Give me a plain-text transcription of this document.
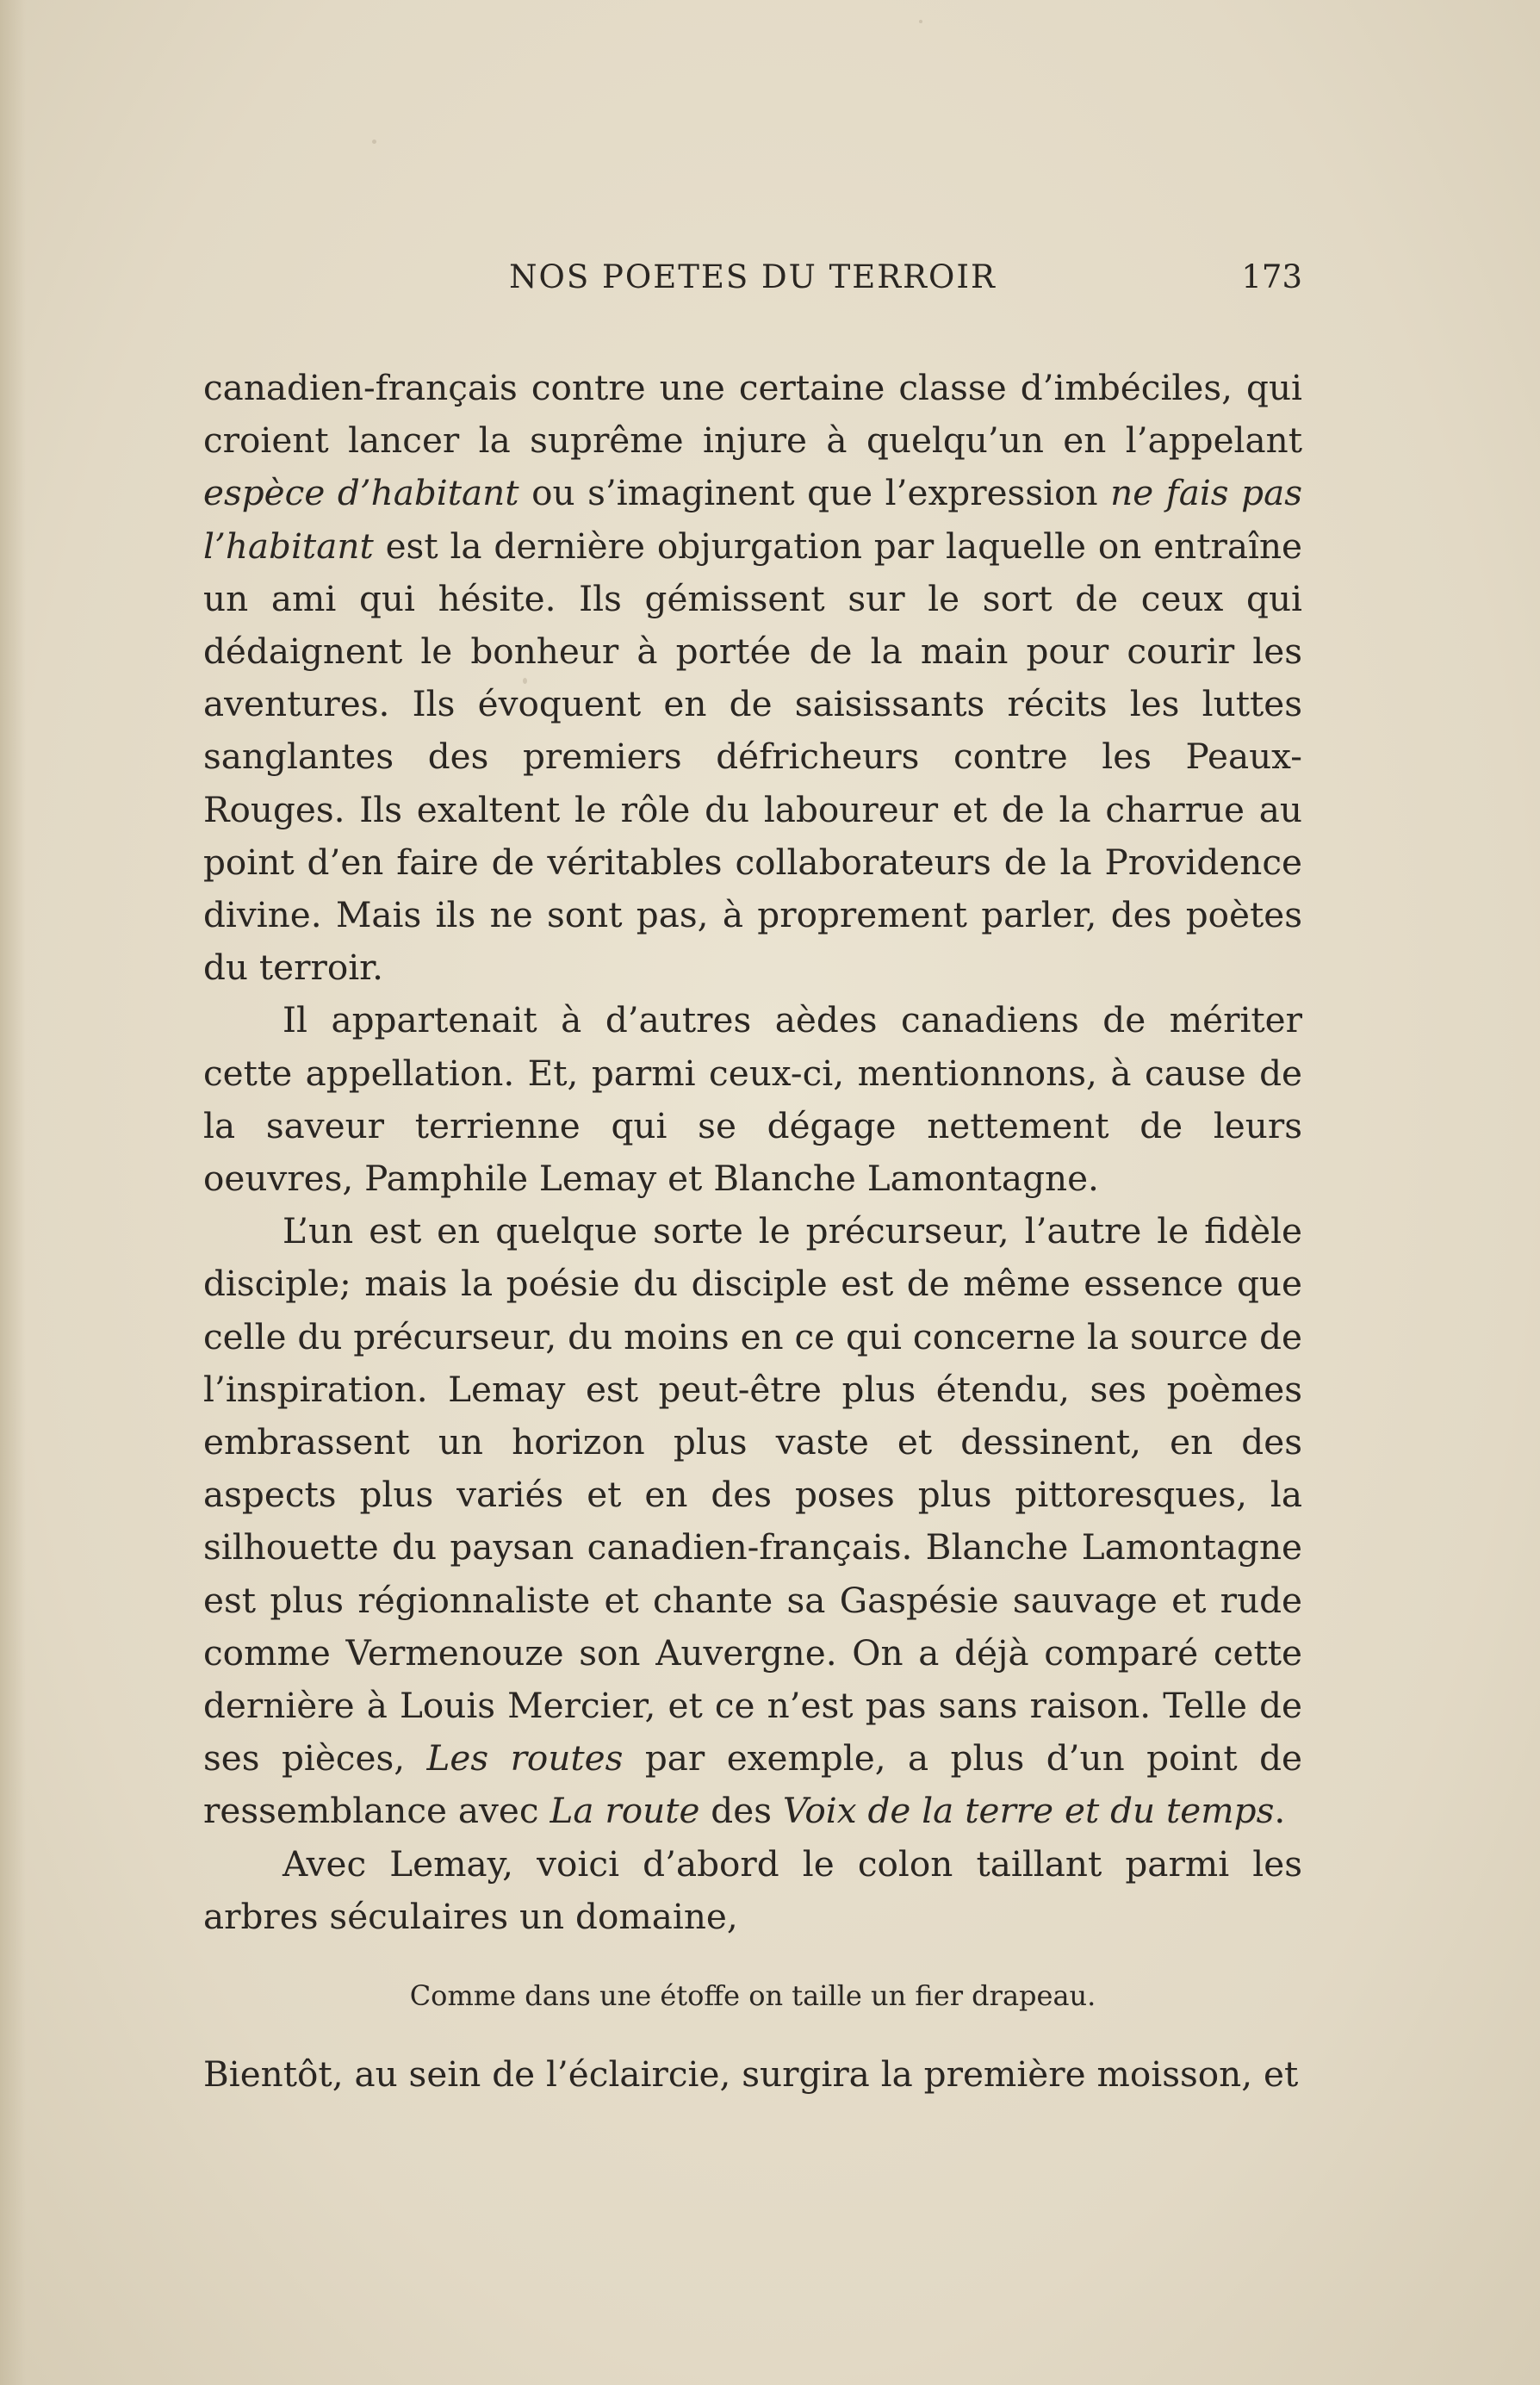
NOS POETES DU TERROIR	173

canadien-français contre une certaine classe d’imbéciles, qui croient lancer la suprême injure à quelqu’un en l’appelant espèce d’habitant ou s’imaginent que l’expression ne fais pas l’habitant est la dernière objurgation par laquelle on entraîne un ami qui hésite. Ils gémissent sur le sort de ceux qui dédaignent le bonheur à portée de la main pour courir les aventures. Ils évoquent en de saisissants récits les luttes sanglantes des premiers défricheurs contre les Peaux-Rouges. Ils exaltent le rôle du laboureur et de la charrue au point d’en faire de véritables collaborateurs de la Providence divine. Mais ils ne sont pas, à proprement parler, des poètes du terroir.

Il appartenait à d’autres aèdes canadiens de mériter cette appellation. Et, parmi ceux-ci, mentionnons, à cause de la saveur terrienne qui se dégage nettement de leurs oeuvres, Pamphile Lemay et Blanche Lamontagne.

L’un est en quelque sorte le précurseur, l’autre le fidèle disciple; mais la poésie du disciple est de même essence que celle du précurseur, du moins en ce qui concerne la source de l’inspiration. Lemay est peut-être plus étendu, ses poèmes embrassent un horizon plus vaste et dessinent, en des aspects plus variés et en des poses plus pittoresques, la silhouette du paysan canadien-français. Blanche Lamontagne est plus régionnaliste et chante sa Gaspésie sauvage et rude comme Vermenouze son Auvergne. On a déjà comparé cette dernière à Louis Mercier, et ce n’est pas sans raison. Telle de ses pièces, Les routes par exemple, a plus d’un point de ressemblance avec La route des Voix de la terre et du temps.

Avec Lemay, voici d’abord le colon taillant parmi les arbres séculaires un domaine,

Comme dans une étoffe on taille un fier drapeau.

Bientôt, au sein de l’éclaircie, surgira la première moisson, et
